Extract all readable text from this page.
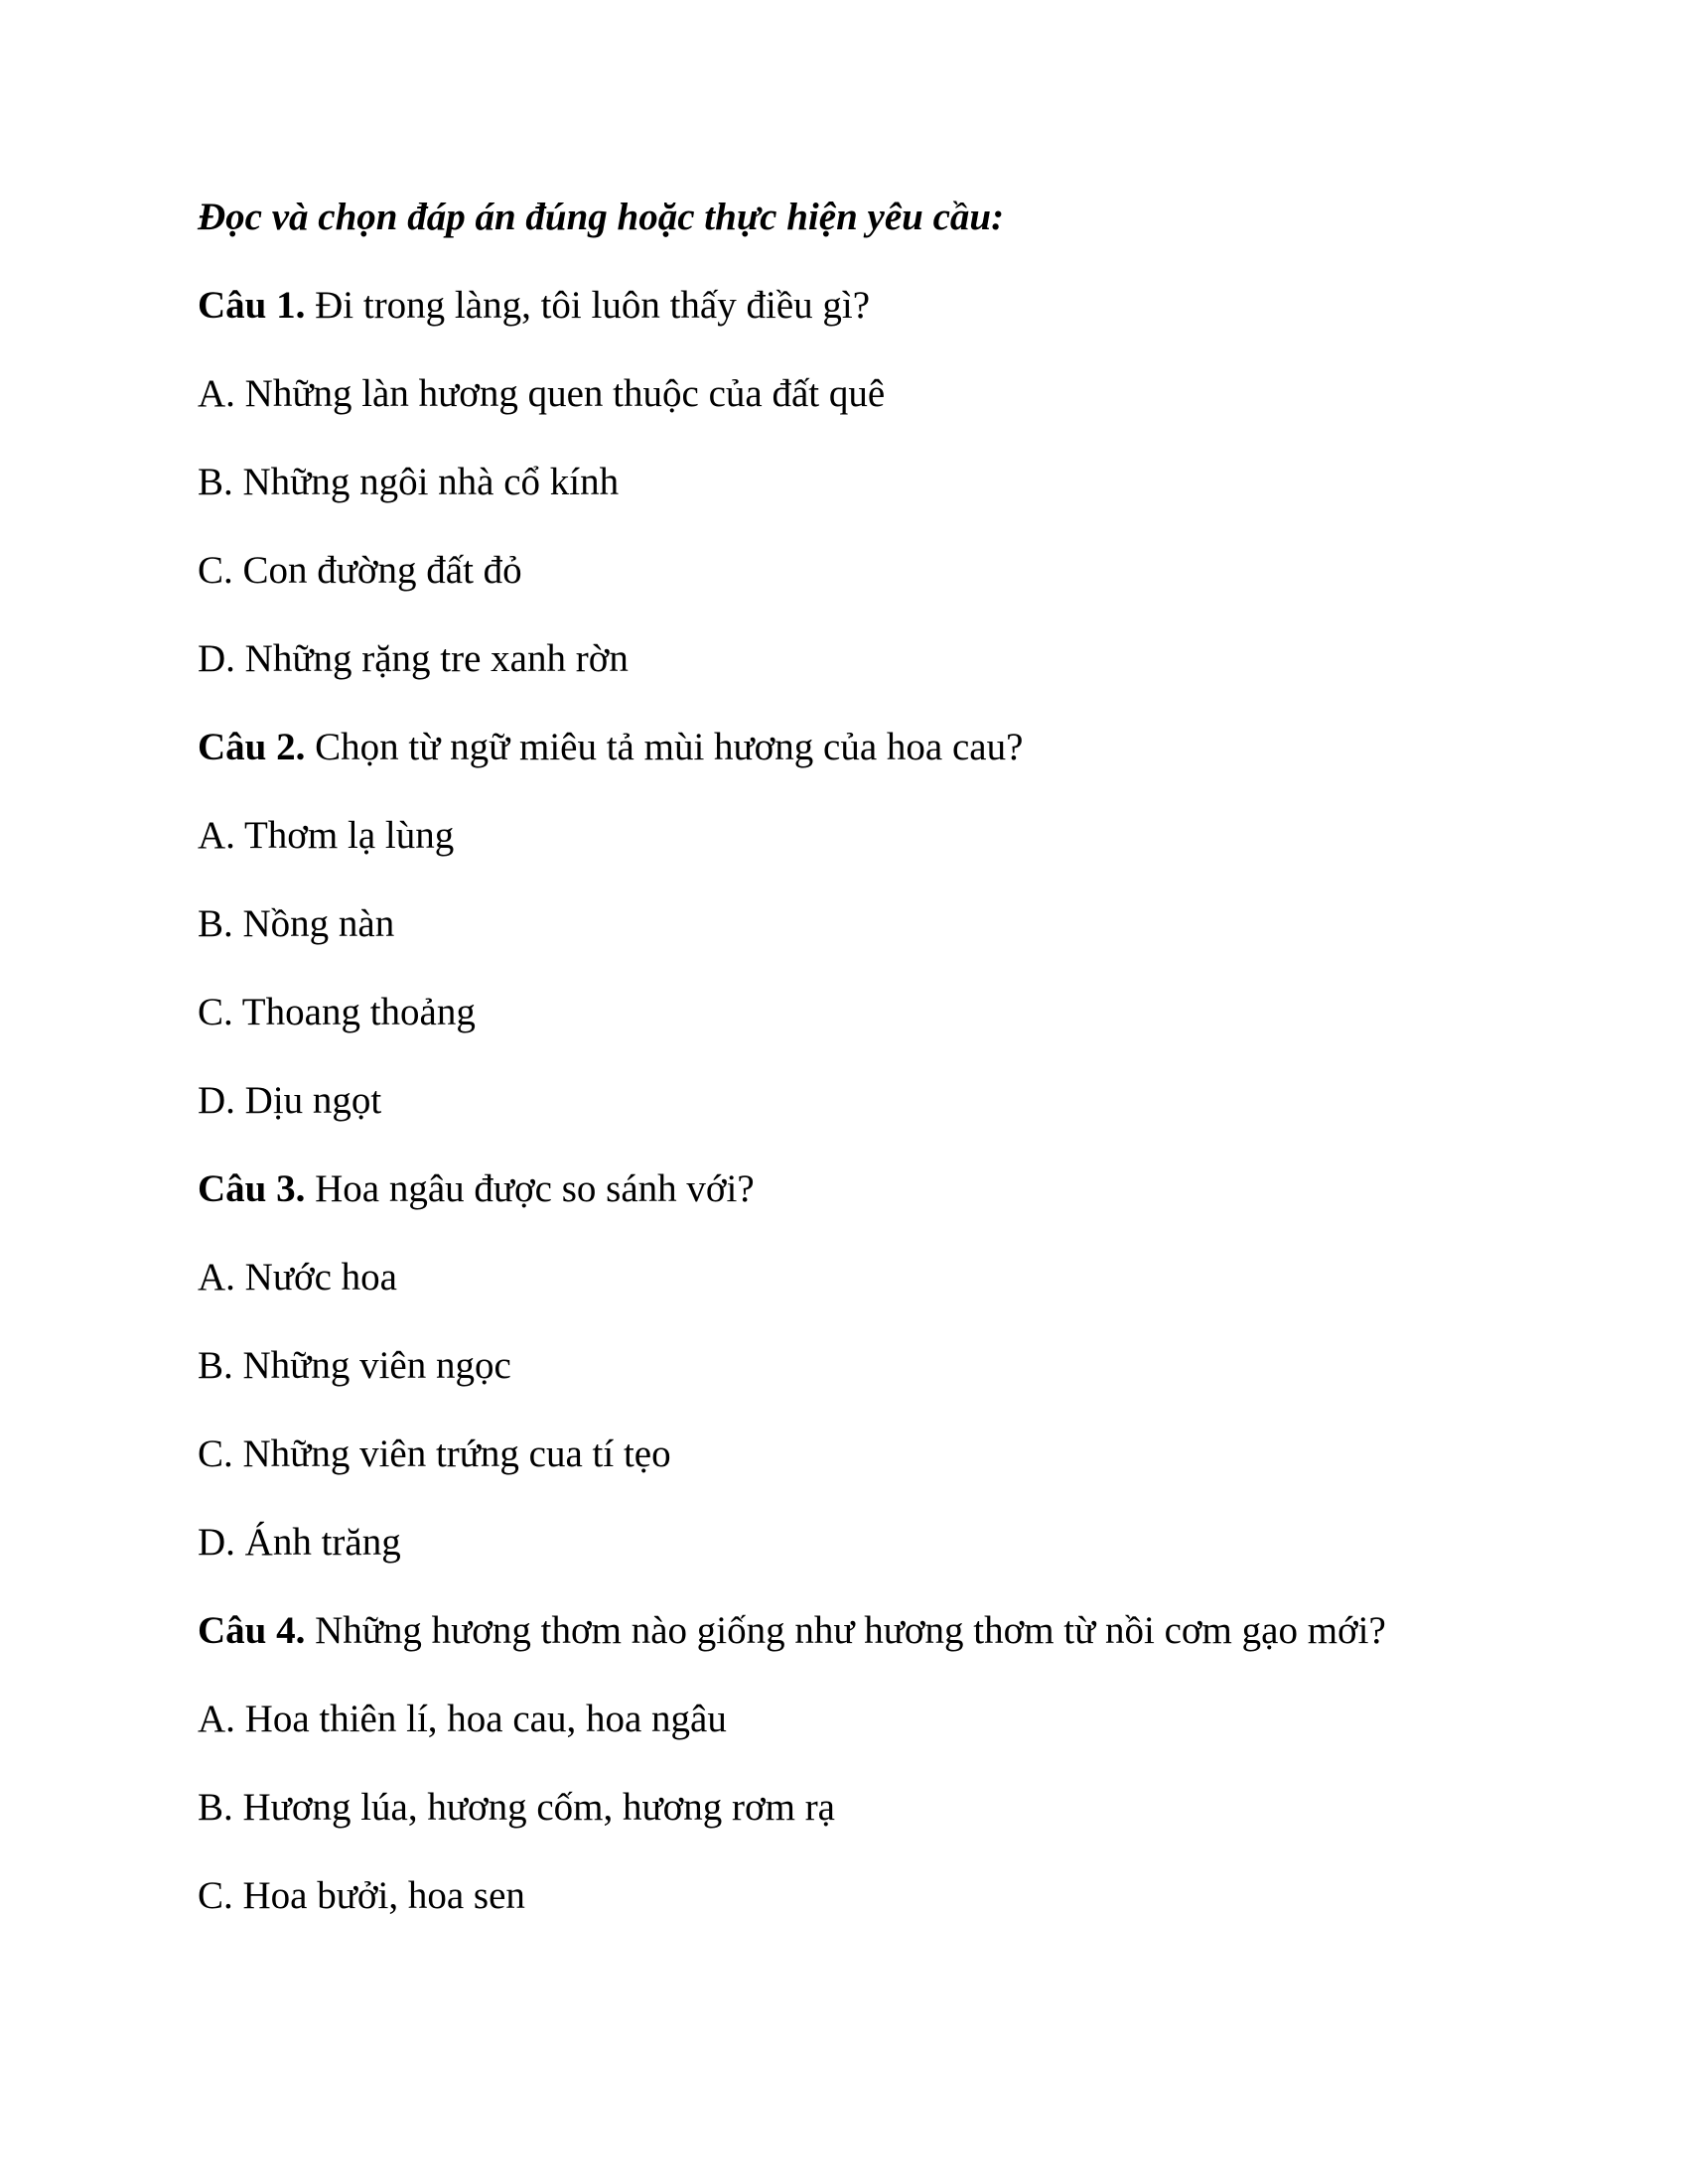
Đọc và chọn đáp án đúng hoặc thực hiện yêu cầu:
Câu 1. Đi trong làng, tôi luôn thấy điều gì?
A. Những làn hương quen thuộc của đất quê
B. Những ngôi nhà cổ kính
C. Con đường đất đỏ
D. Những rặng tre xanh rờn
Câu 2. Chọn từ ngữ miêu tả mùi hương của hoa cau?
A. Thơm lạ lùng
B. Nồng nàn
C. Thoang thoảng
D. Dịu ngọt
Câu 3. Hoa ngâu được so sánh với?
A. Nước hoa
B. Những viên ngọc
C. Những viên trứng cua tí tẹo
D. Ánh trăng
Câu 4. Những hương thơm nào giống như hương thơm từ nồi cơm gạo mới?
A. Hoa thiên lí, hoa cau, hoa ngâu
B. Hương lúa, hương cốm, hương rơm rạ
C. Hoa bưởi, hoa sen
